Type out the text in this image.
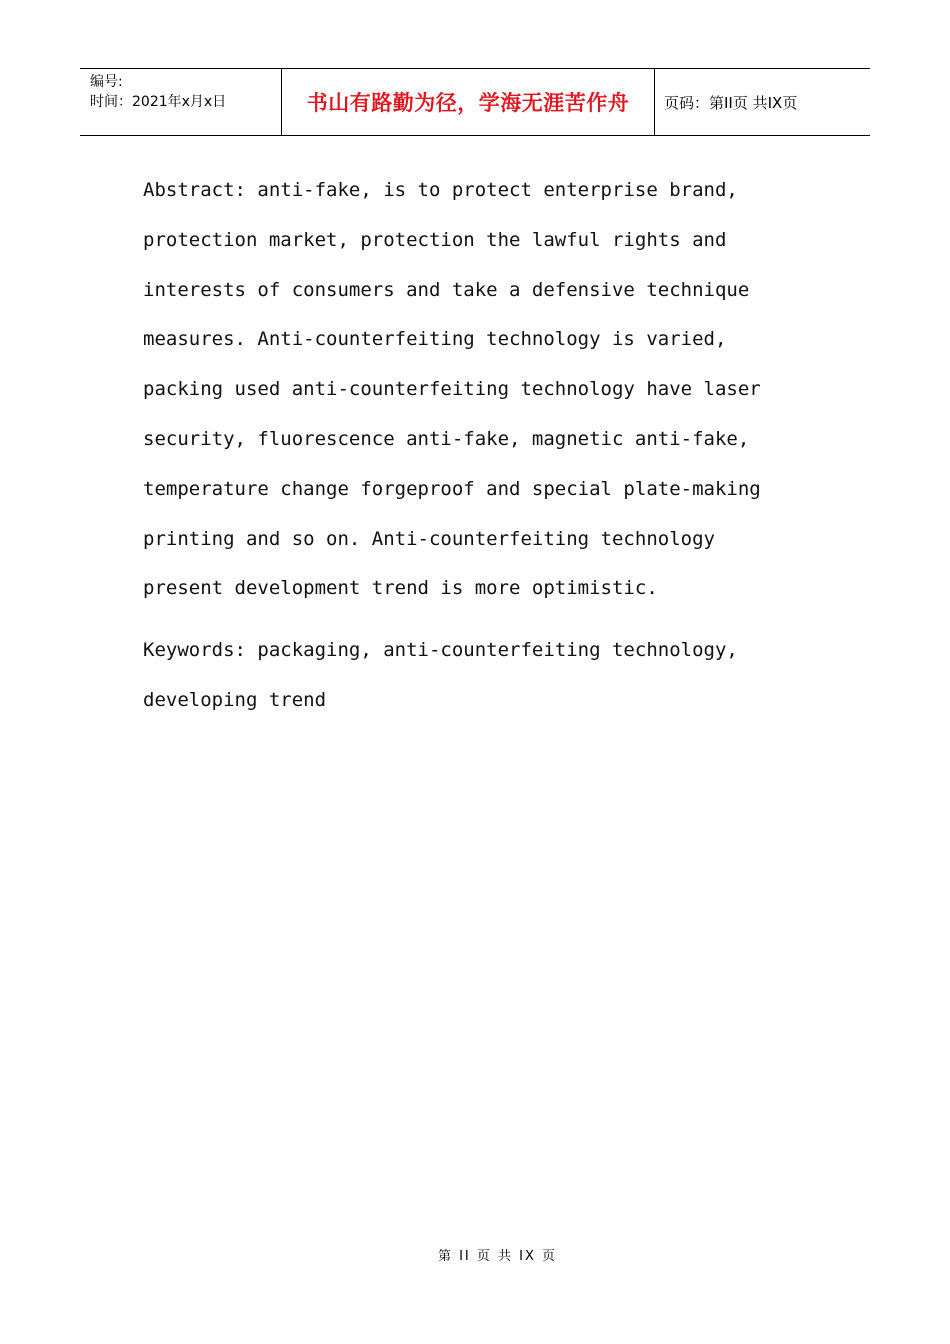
编号:
时间：2021年x月x日	书山有路勤为径，学海无涯苦作舟	页码：第II页 共IX页

Abstract: anti-fake, is to protect enterprise brand,

protection market, protection the lawful rights and

interests of consumers and take a defensive technique

measures. Anti-counterfeiting technology is varied,

packing used anti-counterfeiting technology have laser

security, fluorescence anti-fake, magnetic anti-fake,

temperature change forgeproof and special plate-making

printing and so on. Anti-counterfeiting technology

present development trend is more optimistic.

Keywords: packaging, anti-counterfeiting technology,

developing trend

第 II 页 共 IX 页
